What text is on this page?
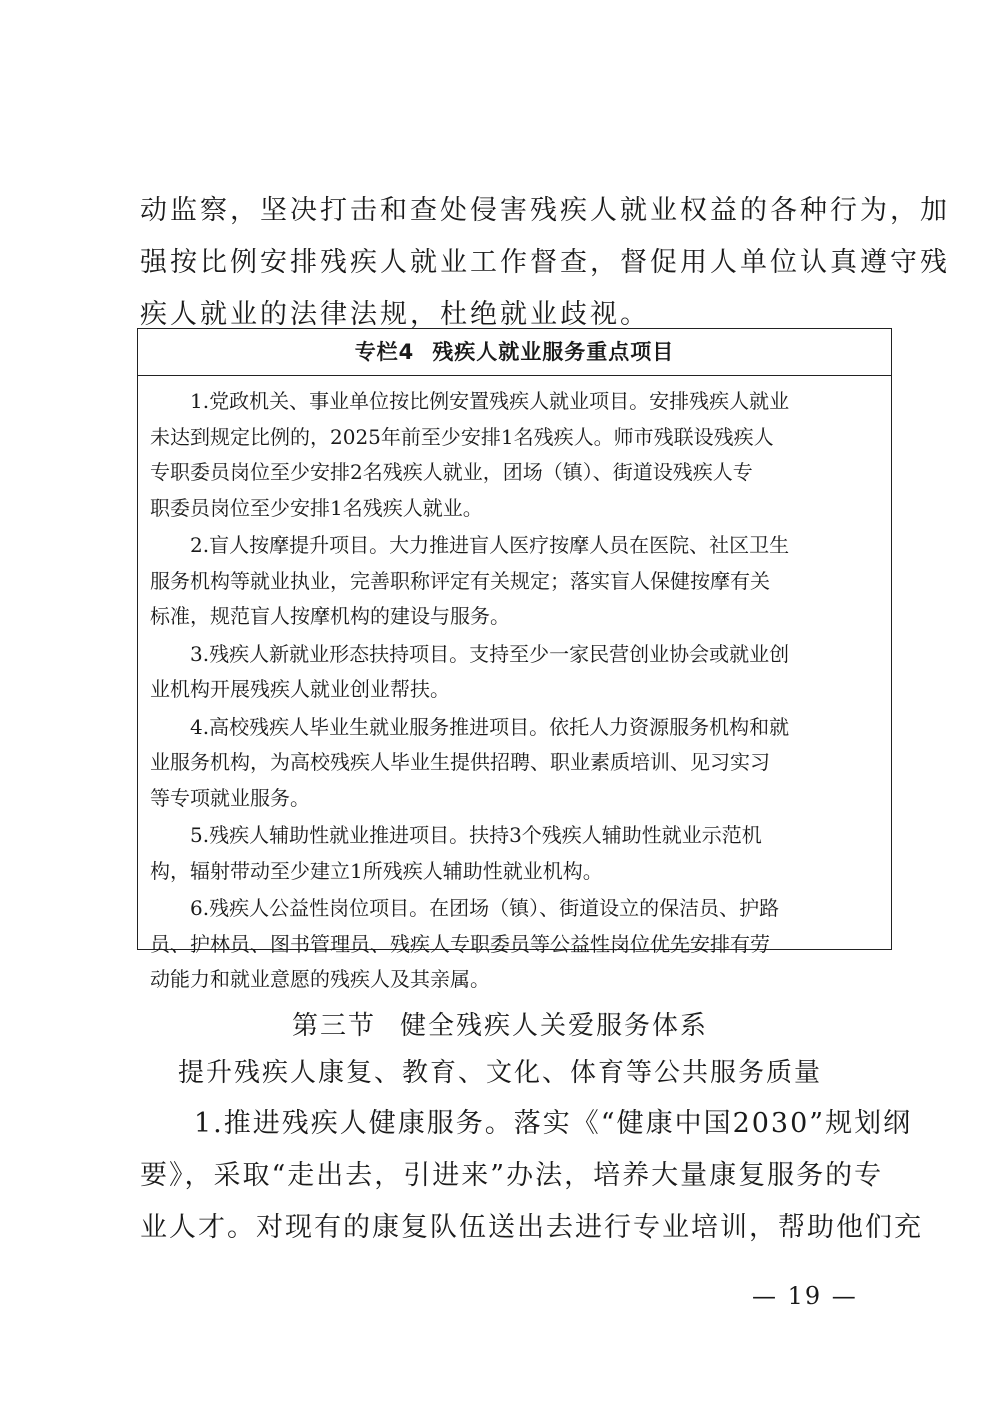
动监察，坚决打击和查处侵害残疾人就业权益的各种行为，加
强按比例安排残疾人就业工作督查，督促用人单位认真遵守残
疾人就业的法律法规，杜绝就业歧视。
专栏4 残疾人就业服务重点项目
1.党政机关、事业单位按比例安置残疾人就业项目。安排残疾人就业
未达到规定比例的，2025年前至少安排1名残疾人。师市残联设残疾人
专职委员岗位至少安排2名残疾人就业，团场（镇）、街道设残疾人专
职委员岗位至少安排1名残疾人就业。
2.盲人按摩提升项目。大力推进盲人医疗按摩人员在医院、社区卫生
服务机构等就业执业，完善职称评定有关规定；落实盲人保健按摩有关
标准，规范盲人按摩机构的建设与服务。
3.残疾人新就业形态扶持项目。支持至少一家民营创业协会或就业创
业机构开展残疾人就业创业帮扶。
4.高校残疾人毕业生就业服务推进项目。依托人力资源服务机构和就
业服务机构，为高校残疾人毕业生提供招聘、职业素质培训、见习实习
等专项就业服务。
5.残疾人辅助性就业推进项目。扶持3个残疾人辅助性就业示范机
构，辐射带动至少建立1所残疾人辅助性就业机构。
6.残疾人公益性岗位项目。在团场（镇）、街道设立的保洁员、护路
员、护林员、图书管理员、残疾人专职委员等公益性岗位优先安排有劳
动能力和就业意愿的残疾人及其亲属。
第三节 健全残疾人关爱服务体系
提升残疾人康复、教育、文化、体育等公共服务质量
1.推进残疾人健康服务。落实《“健康中国2030”规划纲
要》，采取“走出去，引进来”办法，培养大量康复服务的专
业人才。对现有的康复队伍送出去进行专业培训，帮助他们充
— 19 —
